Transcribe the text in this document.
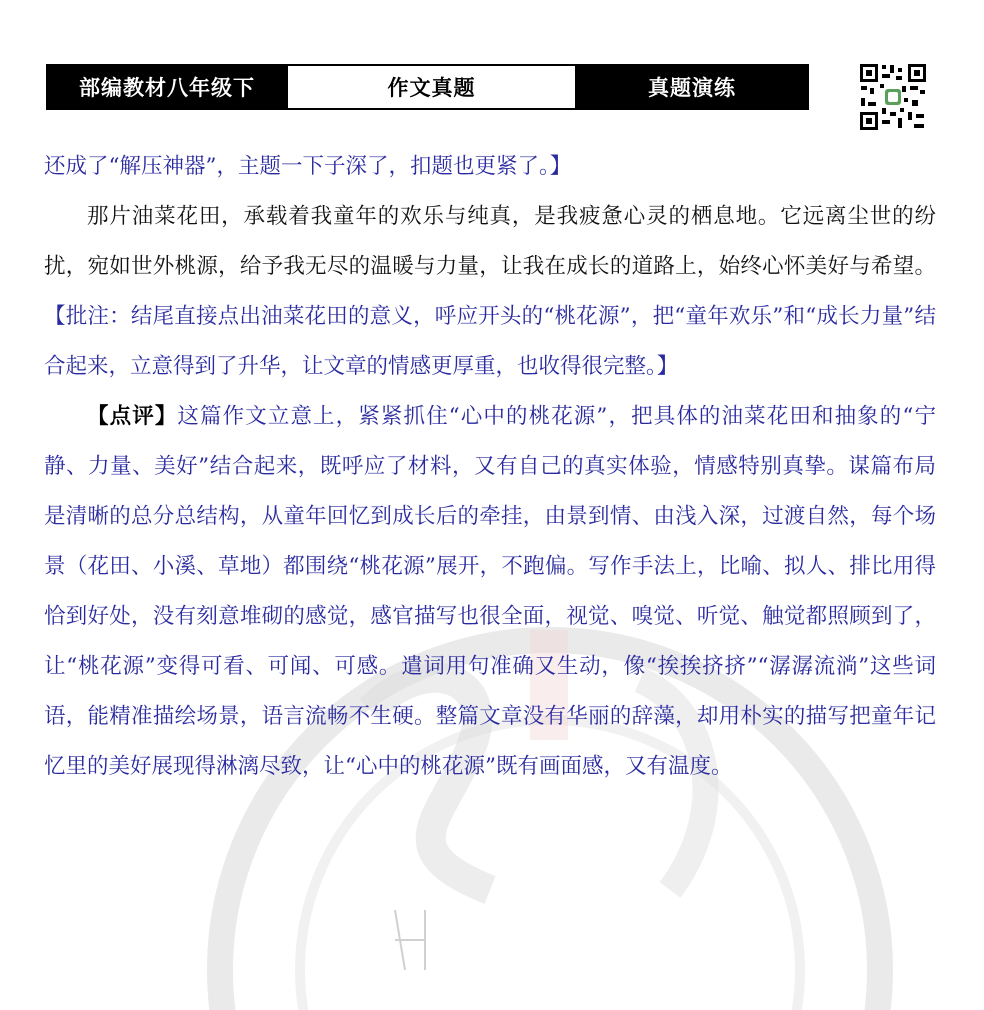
部编教材八年级下	作文真题	真题演练

还成了“解压神器”，主题一下子深了，扣题也更紧了。】

那片油菜花田，承载着我童年的欢乐与纯真，是我疲惫心灵的栖息地。它远离尘世的纷扰，宛如世外桃源，给予我无尽的温暖与力量，让我在成长的道路上，始终心怀美好与希望。【批注：结尾直接点出油菜花田的意义，呼应开头的“桃花源”，把“童年欢乐”和“成长力量”结合起来，立意得到了升华，让文章的情感更厚重，也收得很完整。】

【点评】这篇作文立意上，紧紧抓住“心中的桃花源”，把具体的油菜花田和抽象的“宁静、力量、美好”结合起来，既呼应了材料，又有自己的真实体验，情感特别真挚。谋篇布局是清晰的总分总结构，从童年回忆到成长后的牵挂，由景到情、由浅入深，过渡自然，每个场景（花田、小溪、草地）都围绕“桃花源”展开，不跑偏。写作手法上，比喻、拟人、排比用得恰到好处，没有刻意堆砌的感觉，感官描写也很全面，视觉、嗅觉、听觉、触觉都照顾到了，让“桃花源”变得可看、可闻、可感。遣词用句准确又生动，像“挨挨挤挤”“潺潺流淌”这些词语，能精准描绘场景，语言流畅不生硬。整篇文章没有华丽的辞藻，却用朴实的描写把童年记忆里的美好展现得淋漓尽致，让“心中的桃花源”既有画面感，又有温度。
